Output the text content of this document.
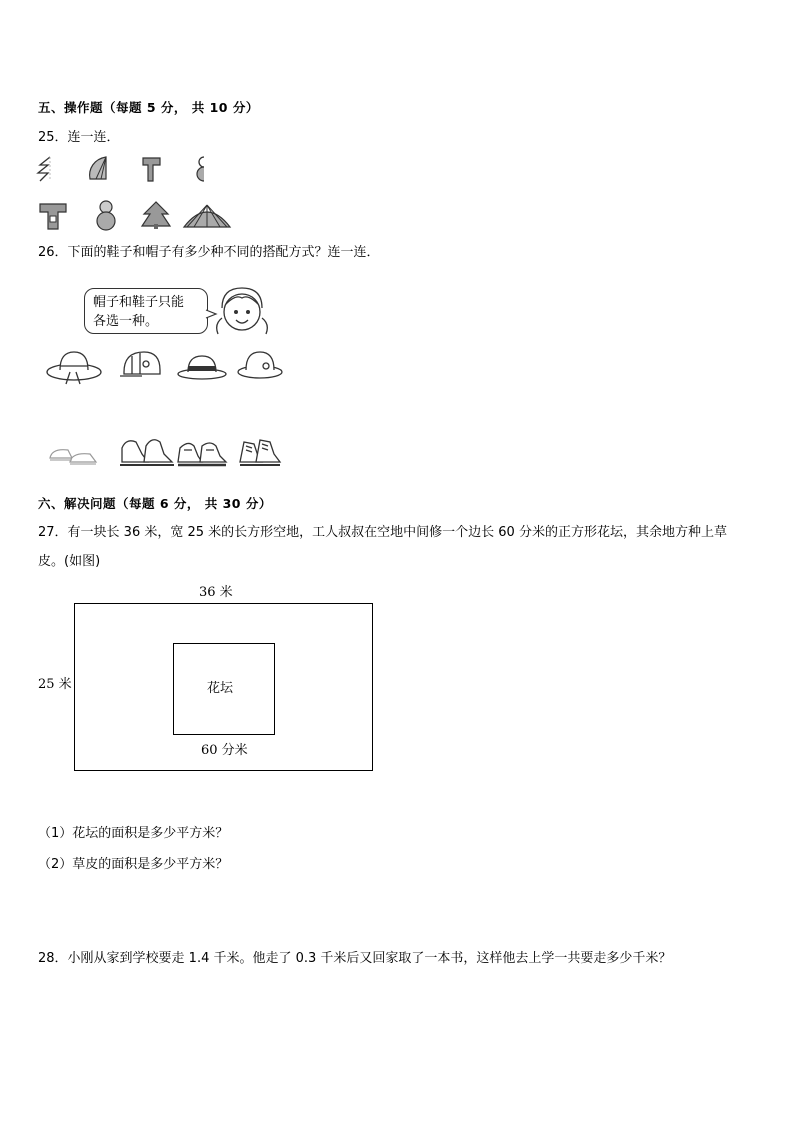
五、操作题（每题 5 分， 共 10 分）
25．连一连．
26．下面的鞋子和帽子有多少种不同的搭配方式？连一连．
帽子和鞋子只能
各选一种。
六、解决问题（每题 6 分， 共 30 分）
27．有一块长 36 米，宽 25 米的长方形空地，工人叔叔在空地中间修一个边长 60 分米的正方形花坛，其余地方种上草
皮。(如图)
36 米
25 米	花坛
60 分米
（1）花坛的面积是多少平方米？
（2）草皮的面积是多少平方米？
28．小刚从家到学校要走 1.4 千米。他走了 0.3 千米后又回家取了一本书，这样他去上学一共要走多少千米？
